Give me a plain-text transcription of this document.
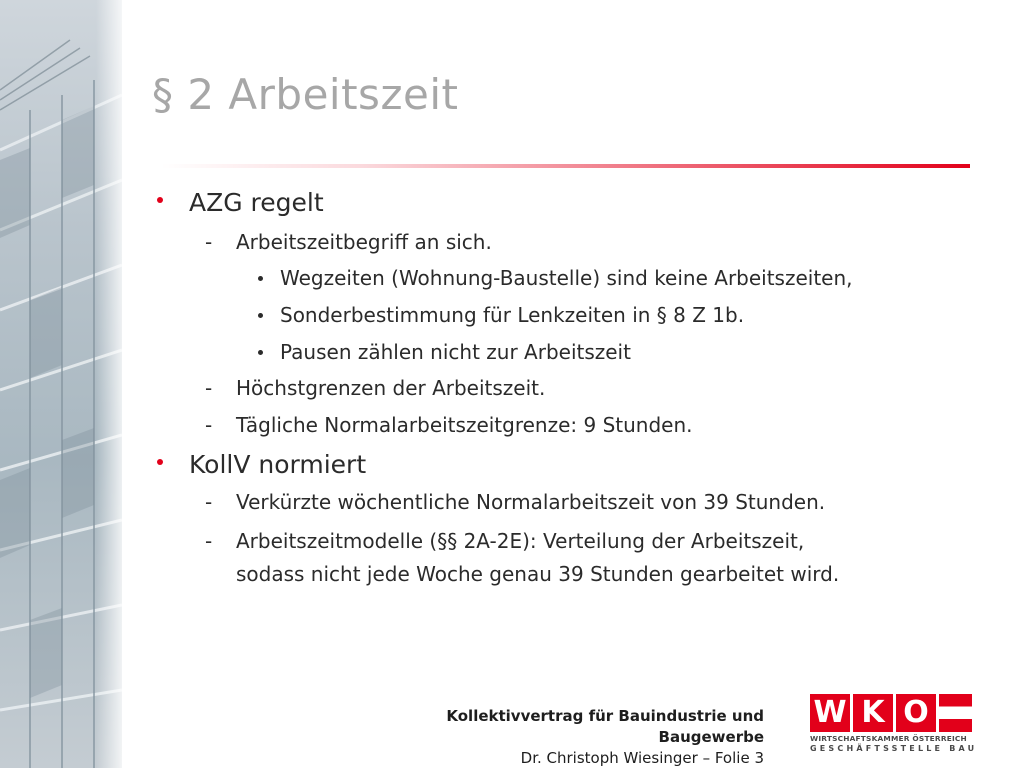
§ 2 Arbeitszeit
AZG regelt
- Arbeitszeitbegriff an sich.
Wegzeiten (Wohnung-Baustelle) sind keine Arbeitszeiten,
Sonderbestimmung für Lenkzeiten in § 8 Z 1b.
Pausen zählen nicht zur Arbeitszeit
- Höchstgrenzen der Arbeitszeit.
- Tägliche Normalarbeitszeitgrenze: 9 Stunden.
KollV normiert
- Verkürzte wöchentliche Normalarbeitszeit von 39 Stunden.
- Arbeitszeitmodelle (§§ 2A-2E): Verteilung der Arbeitszeit,
sodass nicht jede Woche genau 39 Stunden gearbeitet wird.
Kollektivvertrag für Bauindustrie und Baugewerbe
Dr. Christoph Wiesinger – Folie 3
W K O
WIRTSCHAFTSKAMMER ÖSTERREICH
GESCHÄFTSSTELLE BAU
